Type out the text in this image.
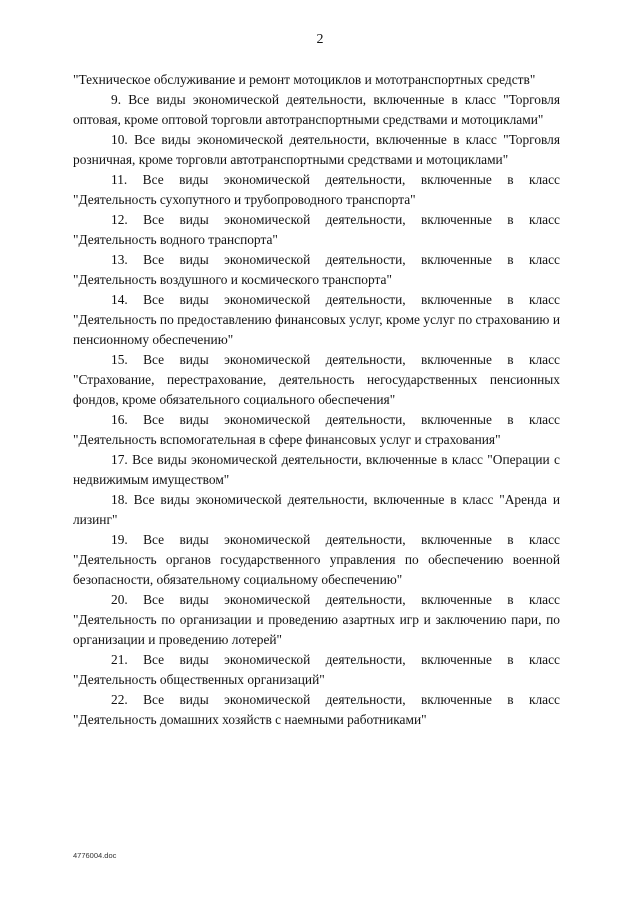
2

"Техническое обслуживание и ремонт мотоциклов и мототранспортных средств"

9. Все виды экономической деятельности, включенные в класс "Торговля оптовая, кроме оптовой торговли автотранспортными средствами и мотоциклами"

10. Все виды экономической деятельности, включенные в класс "Торговля розничная, кроме торговли автотранспортными средствами и мотоциклами"

11. Все виды экономической деятельности, включенные в класс "Деятельность сухопутного и трубопроводного транспорта"

12. Все виды экономической деятельности, включенные в класс "Деятельность водного транспорта"

13. Все виды экономической деятельности, включенные в класс "Деятельность воздушного и космического транспорта"

14. Все виды экономической деятельности, включенные в класс "Деятельность по предоставлению финансовых услуг, кроме услуг по страхованию и пенсионному обеспечению"

15. Все виды экономической деятельности, включенные в класс "Страхование, перестрахование, деятельность негосударственных пенсионных фондов, кроме обязательного социального обеспечения"

16. Все виды экономической деятельности, включенные в класс "Деятельность вспомогательная в сфере финансовых услуг и страхования"

17. Все виды экономической деятельности, включенные в класс "Операции с недвижимым имуществом"

18. Все виды экономической деятельности, включенные в класс "Аренда и лизинг"

19. Все виды экономической деятельности, включенные в класс "Деятельность органов государственного управления по обеспечению военной безопасности, обязательному социальному обеспечению"

20. Все виды экономической деятельности, включенные в класс "Деятельность по организации и проведению азартных игр и заключению пари, по организации и проведению лотерей"

21. Все виды экономической деятельности, включенные в класс "Деятельность общественных организаций"

22. Все виды экономической деятельности, включенные в класс "Деятельность домашних хозяйств с наемными работниками"

4776004.doc
